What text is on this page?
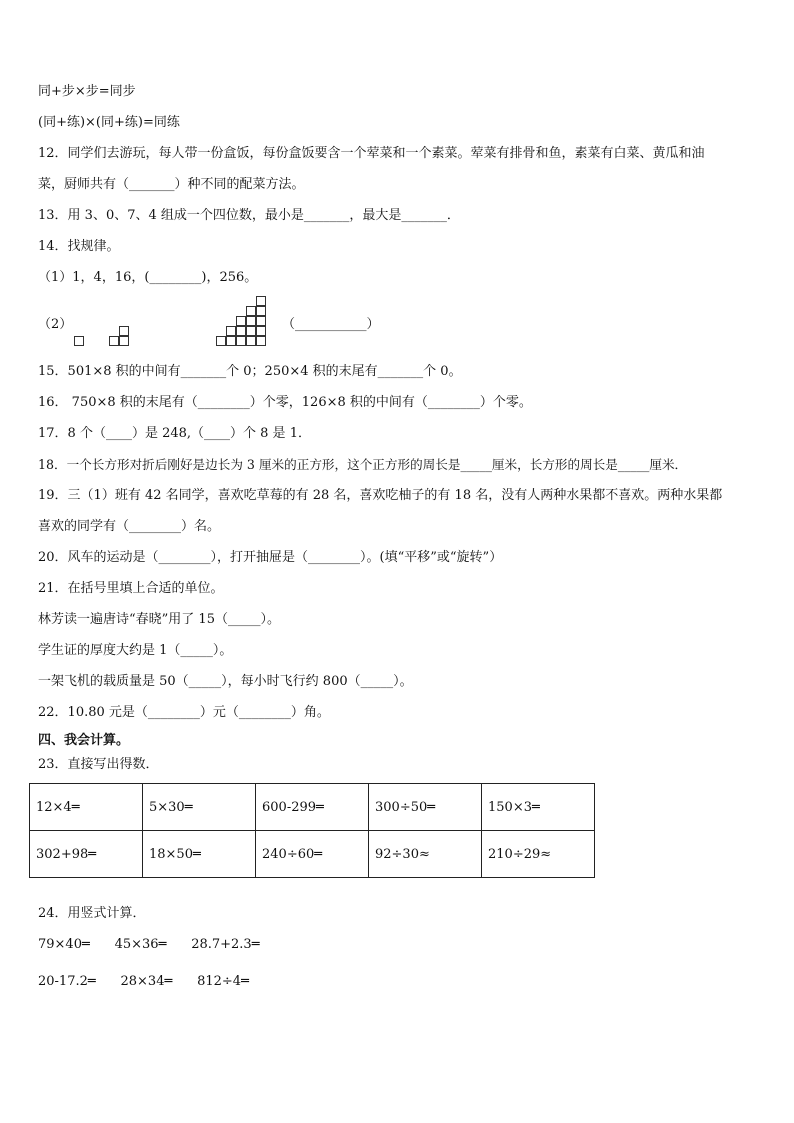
同+步×步=同步
(同+练)×(同+练)=同练
12．同学们去游玩，每人带一份盒饭，每份盒饭要含一个荤菜和一个素菜。荤菜有排骨和鱼，素菜有白菜、黄瓜和油
菜，厨师共有（_______）种不同的配菜方法。
13．用 3、0、7、4 组成一个四位数，最小是_______，最大是_______．
14．找规律。
（1）1，4，16，(________)，256。
（2）	（___________）
15．501×8 积的中间有_______个 0；250×4 积的末尾有_______个 0。
16． 750×8 积的末尾有（________）个零，126×8 积的中间有（________）个零。
17．8 个（____）是 248,（____）个 8 是 1．
18．一个长方形对折后刚好是边长为 3 厘米的正方形，这个正方形的周长是_____厘米，长方形的周长是_____厘米．
19．三（1）班有 42 名同学，喜欢吃草莓的有 28 名，喜欢吃柚子的有 18 名，没有人两种水果都不喜欢。两种水果都
喜欢的同学有（________）名。
20．风车的运动是（________），打开抽屉是（________）。(填“平移”或“旋转”）
21．在括号里填上合适的单位。
林芳读一遍唐诗“春晓”用了 15（_____）。
学生证的厚度大约是 1（_____）。
一架飞机的载质量是 50（_____），每小时飞行约 800（_____）。
22．10.80 元是（________）元（________）角。
四、我会计算。
23．直接写出得数．
12×4═	5×30═	600-299═	300÷50═	150×3═
302+98═	18×50═	240÷60═	92÷30≈	210÷29≈
24．用竖式计算．
79×40═      45×36═      28.7+2.3═
20-17.2═      28×34═      812÷4═
